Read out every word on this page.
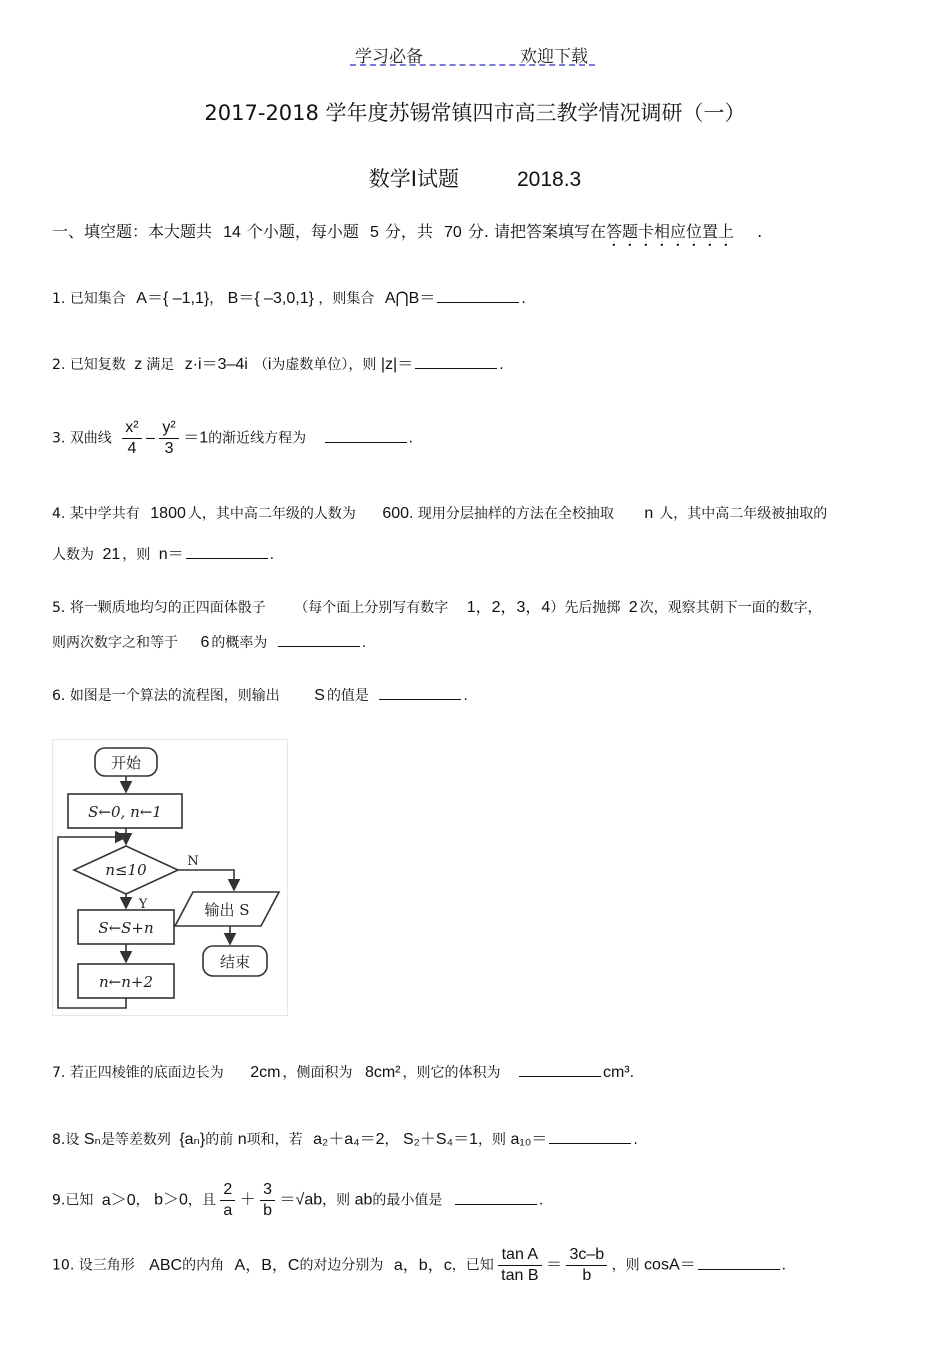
学习必备	欢迎下载
2017-2018 学年度苏锡常镇四市高三教学情况调研（一）
数学Ⅰ试题	2018.3
一、填空题：本大题共 14 个小题，每小题 5 分，共 70 分. 请把答案填写在答题卡相应位置上 .
1. 已知集合 A＝{ –1,1}， B＝{ –3,0,1} ，则集合 A⋂B＝	.
2. 已知复数 z 满足 z·i＝3–4i （i为虚数单位），则 |z|＝	.
3. 双曲线 $\frac{\text{x²}}{4} - \frac{\text{y²}}{3} =1$的渐近线方程为	.
4. 某中学共有 1800 人，其中高二年级的人数为 600. 现用分层抽样的方法在全校抽取 n 人，其中高二年级被抽取的
人数为 21 ，则 n＝	.
5. 将一颗质地均匀的正四面体骰子 （每个面上分别写有数字 1，2，3，4）先后抛掷 2 次，观察其朝下一面的数字，
则两次数字之和等于 6 的概率为	.
6. 如图是一个算法的流程图，则输出 S 的值是	.
开始
S←0, n←1
n≤10	N
Y	输出 S
S←S+n
n←n+2
结束
7. 若正四棱锥的底面边长为 2cm ，侧面积为 8cm² ，则它的体积为	cm³.
8.设 Sₙ是等差数列 {aₙ}的前 n项和，若 a₂＋a₄＝2， S₂＋S₄＝1，则 a₁₀＝	.
9.已知 a＞0， b＞0，且 $\frac{2}{a} + \frac{3}{b} =√ab$，则 ab的最小值是	.
10. 设三角形 ABC的内角 A，B，C的对边分别为 a，b，c，已知 $\frac{\text{tan A}}{\text{tan B}} = \frac{3c-b}{b}$ ，则 cosA＝	.
